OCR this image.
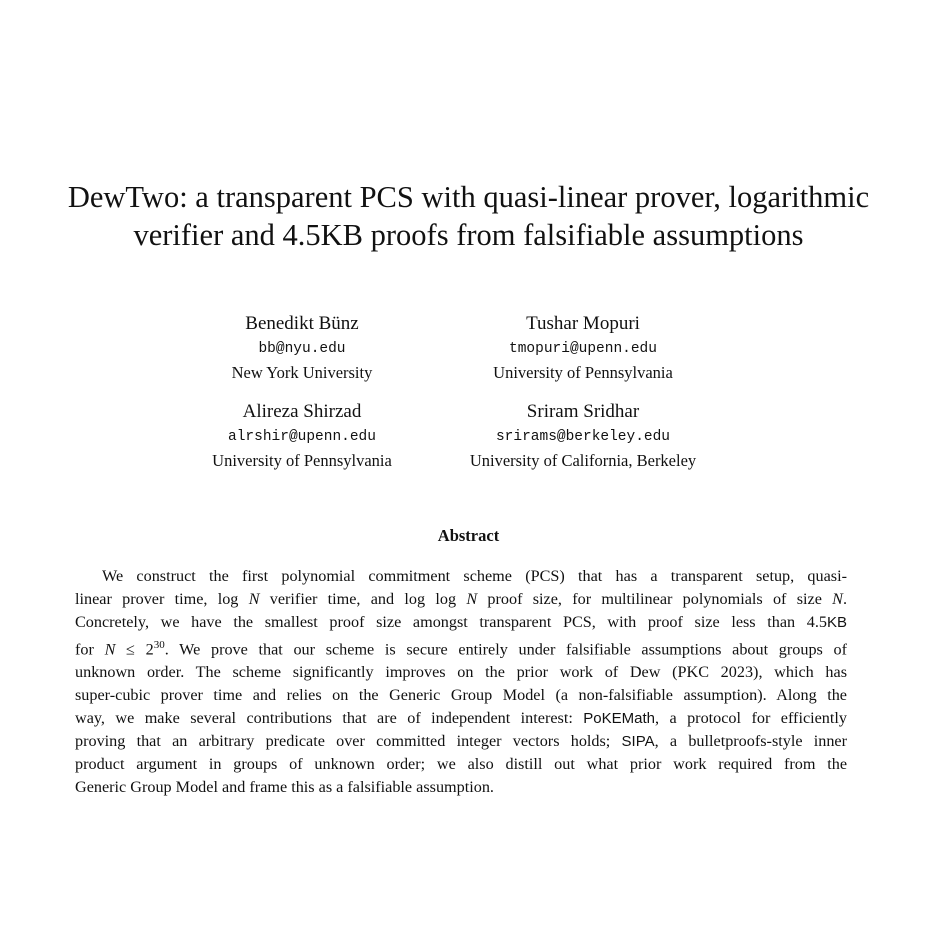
DewTwo: a transparent PCS with quasi-linear prover, logarithmic
verifier and 4.5KB proofs from falsifiable assumptions
Benedikt Bünz
bb@nyu.edu
New York University
Tushar Mopuri
tmopuri@upenn.edu
University of Pennsylvania
Alireza Shirzad
alrshir@upenn.edu
University of Pennsylvania
Sriram Sridhar
srirams@berkeley.edu
University of California, Berkeley
Abstract

We construct the first polynomial commitment scheme (PCS) that has a transparent setup, quasi-
linear prover time, log N verifier time, and log log N proof size, for multilinear polynomials of size N.
Concretely, we have the smallest proof size amongst transparent PCS, with proof size less than 4.5KB
for $N \le 2^{30}$. We prove that our scheme is secure entirely under falsifiable assumptions about groups of
unknown order. The scheme significantly improves on the prior work of Dew (PKC 2023), which has
super-cubic prover time and relies on the Generic Group Model (a non-falsifiable assumption). Along the
way, we make several contributions that are of independent interest: PoKEMath, a protocol for efficiently
proving that an arbitrary predicate over committed integer vectors holds; SIPA, a bulletproofs-style inner
product argument in groups of unknown order; we also distill out what prior work required from the
Generic Group Model and frame this as a falsifiable assumption.
